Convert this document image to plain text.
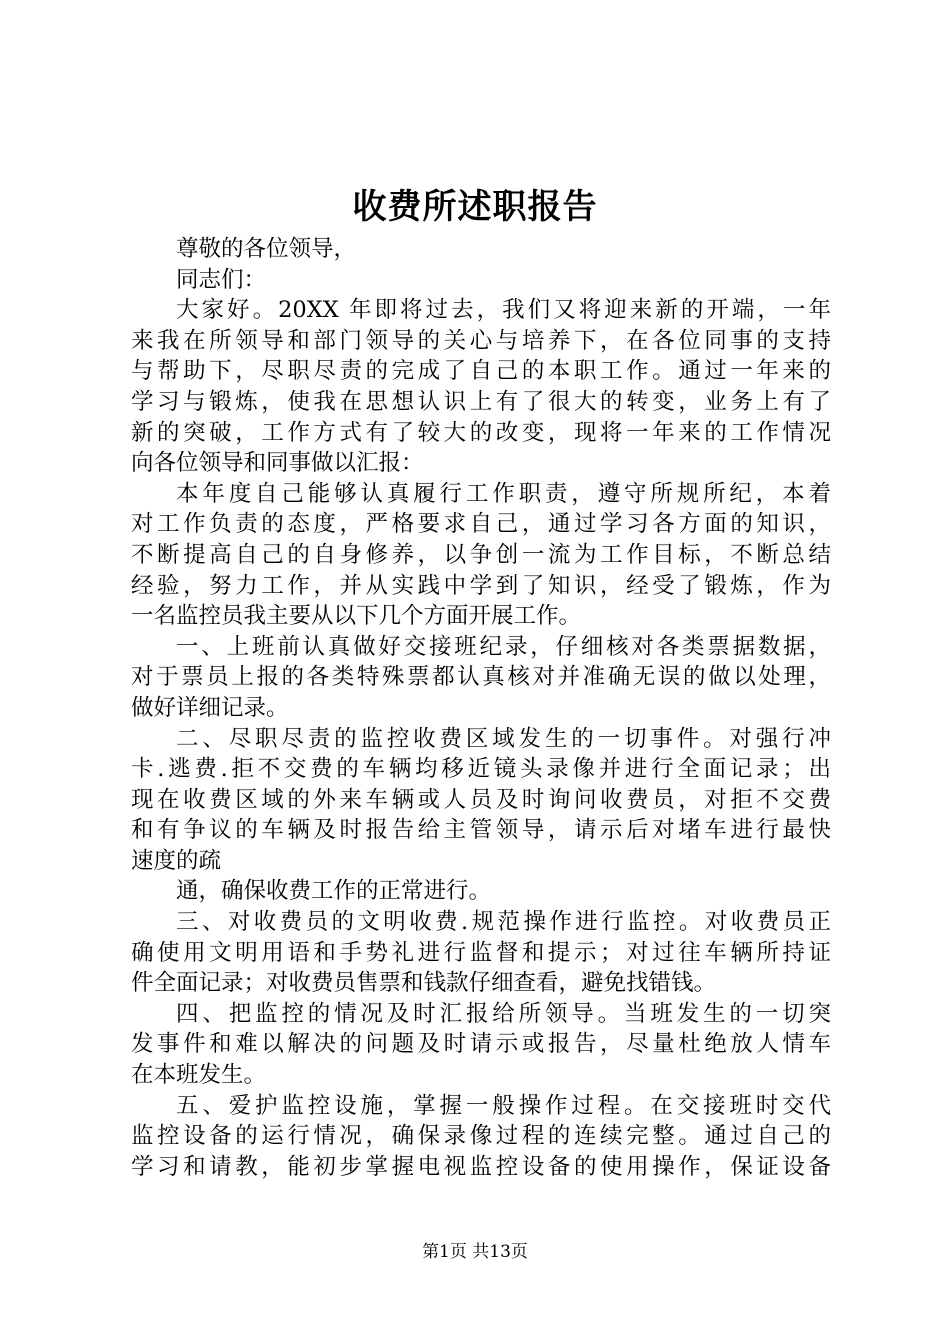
收费所述职报告
尊敬的各位领导，
同志们：
大家好。20XX 年即将过去，我们又将迎来新的开端，一年
来我在所领导和部门领导的关心与培养下，在各位同事的支持
与帮助下，尽职尽责的完成了自己的本职工作。通过一年来的
学习与锻炼，使我在思想认识上有了很大的转变，业务上有了
新的突破，工作方式有了较大的改变，现将一年来的工作情况
向各位领导和同事做以汇报：
本年度自己能够认真履行工作职责，遵守所规所纪，本着
对工作负责的态度，严格要求自己，通过学习各方面的知识，
不断提高自己的自身修养，以争创一流为工作目标，不断总结
经验，努力工作，并从实践中学到了知识，经受了锻炼，作为
一名监控员我主要从以下几个方面开展工作。
一、上班前认真做好交接班纪录，仔细核对各类票据数据，
对于票员上报的各类特殊票都认真核对并准确无误的做以处理，
做好详细记录。
二、尽职尽责的监控收费区域发生的一切事件。对强行冲
卡.逃费.拒不交费的车辆均移近镜头录像并进行全面记录；出
现在收费区域的外来车辆或人员及时询问收费员，对拒不交费
和有争议的车辆及时报告给主管领导，请示后对堵车进行最快
速度的疏
通，确保收费工作的正常进行。
三、对收费员的文明收费.规范操作进行监控。对收费员正
确使用文明用语和手势礼进行监督和提示；对过往车辆所持证
件全面记录；对收费员售票和钱款仔细查看，避免找错钱。
四、把监控的情况及时汇报给所领导。当班发生的一切突
发事件和难以解决的问题及时请示或报告，尽量杜绝放人情车
在本班发生。
五、爱护监控设施，掌握一般操作过程。在交接班时交代
监控设备的运行情况，确保录像过程的连续完整。通过自己的
学习和请教，能初步掌握电视监控设备的使用操作，保证设备
第1页 共13页
